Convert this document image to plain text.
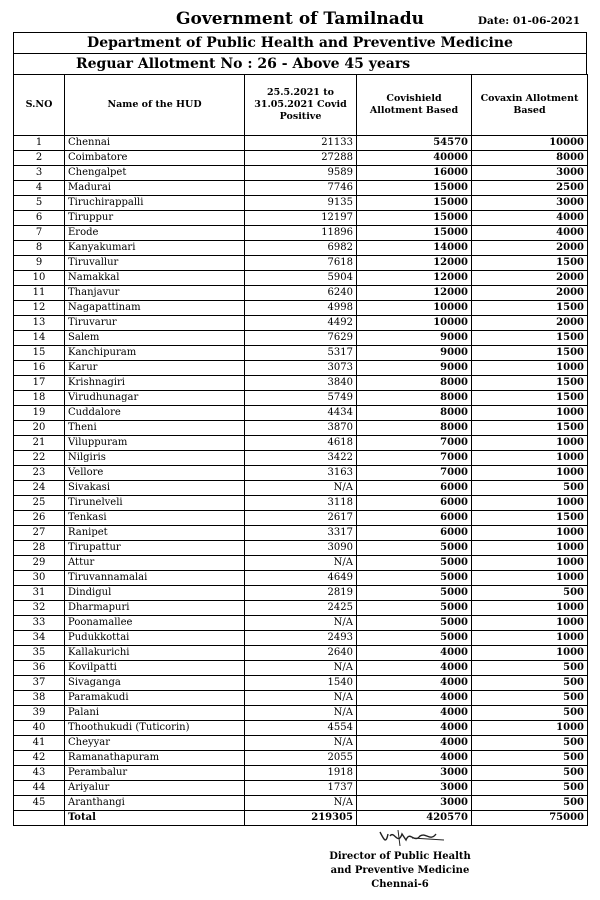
Government of Tamilnadu	Date: 01-06-2021
Department of Public Health and Preventive Medicine
Reguar Allotment No : 26 - Above 45 years
S.NO	Name of the HUD	25.5.2021 to 31.05.2021 Covid Positive	Covishield Allotment Based	Covaxin Allotment Based
1	Chennai	21133	54570	10000
2	Coimbatore	27288	40000	8000
3	Chengalpet	9589	16000	3000
4	Madurai	7746	15000	2500
5	Tiruchirappalli	9135	15000	3000
6	Tiruppur	12197	15000	4000
7	Erode	11896	15000	4000
8	Kanyakumari	6982	14000	2000
9	Tiruvallur	7618	12000	1500
10	Namakkal	5904	12000	2000
11	Thanjavur	6240	12000	2000
12	Nagapattinam	4998	10000	1500
13	Tiruvarur	4492	10000	2000
14	Salem	7629	9000	1500
15	Kanchipuram	5317	9000	1500
16	Karur	3073	9000	1000
17	Krishnagiri	3840	8000	1500
18	Virudhunagar	5749	8000	1500
19	Cuddalore	4434	8000	1000
20	Theni	3870	8000	1500
21	Viluppuram	4618	7000	1000
22	Nilgiris	3422	7000	1000
23	Vellore	3163	7000	1000
24	Sivakasi	N/A	6000	500
25	Tirunelveli	3118	6000	1000
26	Tenkasi	2617	6000	1500
27	Ranipet	3317	6000	1000
28	Tirupattur	3090	5000	1000
29	Attur	N/A	5000	1000
30	Tiruvannamalai	4649	5000	1000
31	Dindigul	2819	5000	500
32	Dharmapuri	2425	5000	1000
33	Poonamallee	N/A	5000	1000
34	Pudukkottai	2493	5000	1000
35	Kallakurichi	2640	4000	1000
36	Kovilpatti	N/A	4000	500
37	Sivaganga	1540	4000	500
38	Paramakudi	N/A	4000	500
39	Palani	N/A	4000	500
40	Thoothukudi (Tuticorin)	4554	4000	1000
41	Cheyyar	N/A	4000	500
42	Ramanathapuram	2055	4000	500
43	Perambalur	1918	3000	500
44	Ariyalur	1737	3000	500
45	Aranthangi	N/A	3000	500
	Total	219305	420570	75000
Director of Public Health
and Preventive Medicine
Chennai-6
